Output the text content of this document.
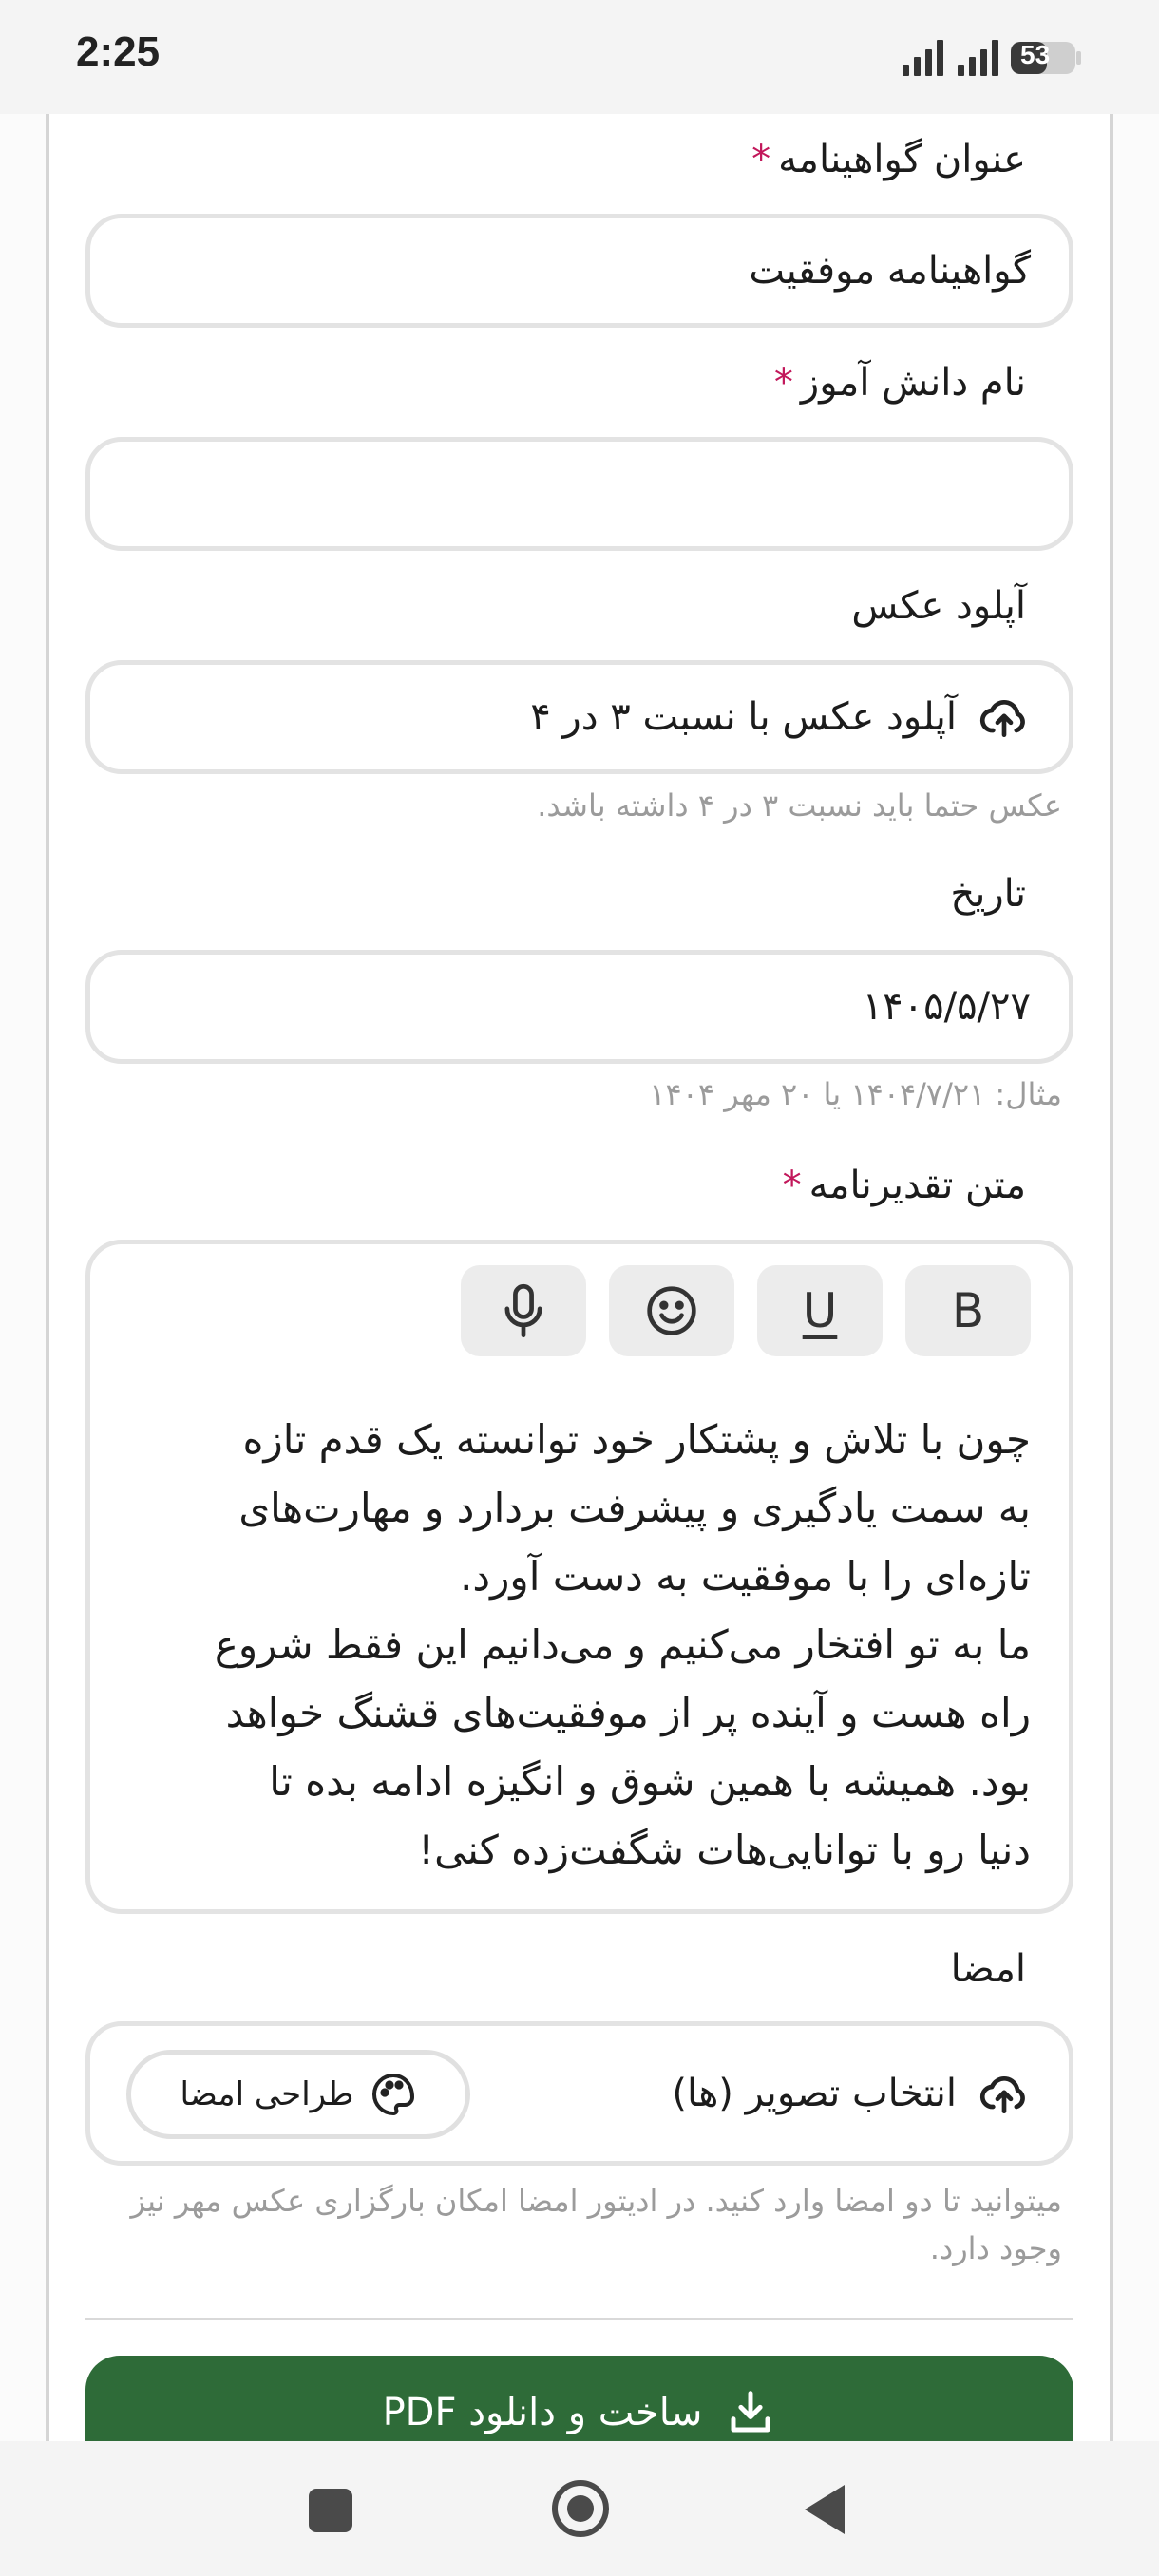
2:25	53
عنوان گواهینامه*
گواهینامه موفقیت
نام دانش آموز*
آپلود عکس
آپلود عکس با نسبت ۳ در ۴
عکس حتما باید نسبت ۳ در ۴ داشته باشد.
تاریخ
۱۴۰۵/۵/۲۷
مثال: ۱۴۰۴/۷/۲۱ یا ۲۰ مهر ۱۴۰۴
متن تقدیرنامه*
U B
چون با تلاش و پشتکار خود توانسته یک قدم تازه
به سمت یادگیری و پیشرفت بردارد و مهارت‌های
تازه‌ای را با موفقیت به دست آورد.
ما به تو افتخار می‌کنیم و می‌دانیم این فقط شروع
راه هست و آینده پر از موفقیت‌های قشنگ خواهد
بود. همیشه با همین شوق و انگیزه ادامه بده تا
دنیا رو با توانایی‌هات شگفت‌زده کنی!
امضا
انتخاب تصویر (ها)
طراحی امضا
میتوانید تا دو امضا وارد کنید. در ادیتور امضا امکان بارگزاری عکس مهر نیز وجود دارد.
ساخت و دانلود PDF
